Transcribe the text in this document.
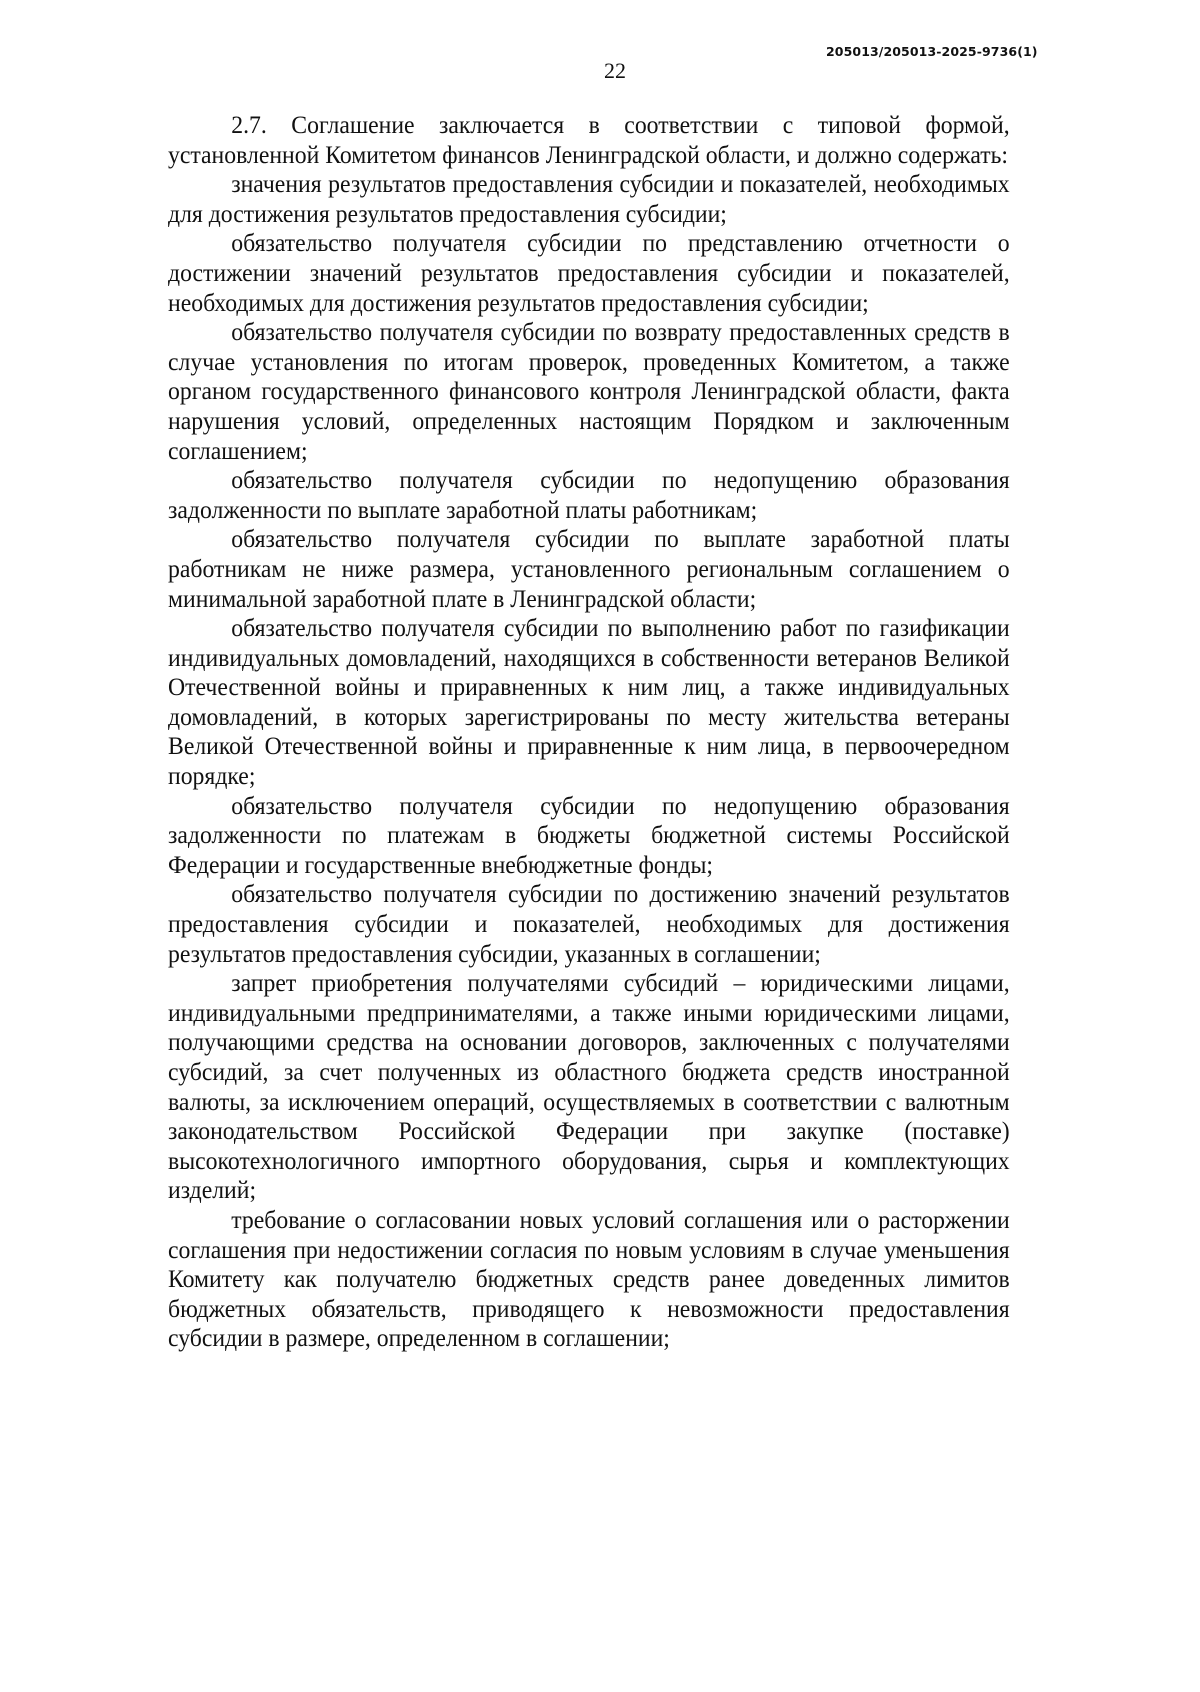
205013/205013-2025-9736(1)
22

2.7. Соглашение заключается в соответствии с типовой формой, установленной Комитетом финансов Ленинградской области, и должно содержать:

значения результатов предоставления субсидии и показателей, необходимых для достижения результатов предоставления субсидии;

обязательство получателя субсидии по представлению отчетности о достижении значений результатов предоставления субсидии и показателей, необходимых для достижения результатов предоставления субсидии;

обязательство получателя субсидии по возврату предоставленных средств в случае установления по итогам проверок, проведенных Комитетом, а также органом государственного финансового контроля Ленинградской области, факта нарушения условий, определенных настоящим Порядком и заключенным соглашением;

обязательство получателя субсидии по недопущению образования задолженности по выплате заработной платы работникам;

обязательство получателя субсидии по выплате заработной платы работникам не ниже размера, установленного региональным соглашением о минимальной заработной плате в Ленинградской области;

обязательство получателя субсидии по выполнению работ по газификации индивидуальных домовладений, находящихся в собственности ветеранов Великой Отечественной войны и приравненных к ним лиц, а также индивидуальных домовладений, в которых зарегистрированы по месту жительства ветераны Великой Отечественной войны и приравненные к ним лица, в первоочередном порядке;

обязательство получателя субсидии по недопущению образования задолженности по платежам в бюджеты бюджетной системы Российской Федерации и государственные внебюджетные фонды;

обязательство получателя субсидии по достижению значений результатов предоставления субсидии и показателей, необходимых для достижения результатов предоставления субсидии, указанных в соглашении;

запрет приобретения получателями субсидий – юридическими лицами, индивидуальными предпринимателями, а также иными юридическими лицами, получающими средства на основании договоров, заключенных с получателями субсидий, за счет полученных из областного бюджета средств иностранной валюты, за исключением операций, осуществляемых в соответствии с валютным законодательством Российской Федерации при закупке (поставке) высокотехнологичного импортного оборудования, сырья и комплектующих изделий;

требование о согласовании новых условий соглашения или о расторжении соглашения при недостижении согласия по новым условиям в случае уменьшения Комитету как получателю бюджетных средств ранее доведенных лимитов бюджетных обязательств, приводящего к невозможности предоставления субсидии в размере, определенном в соглашении;
